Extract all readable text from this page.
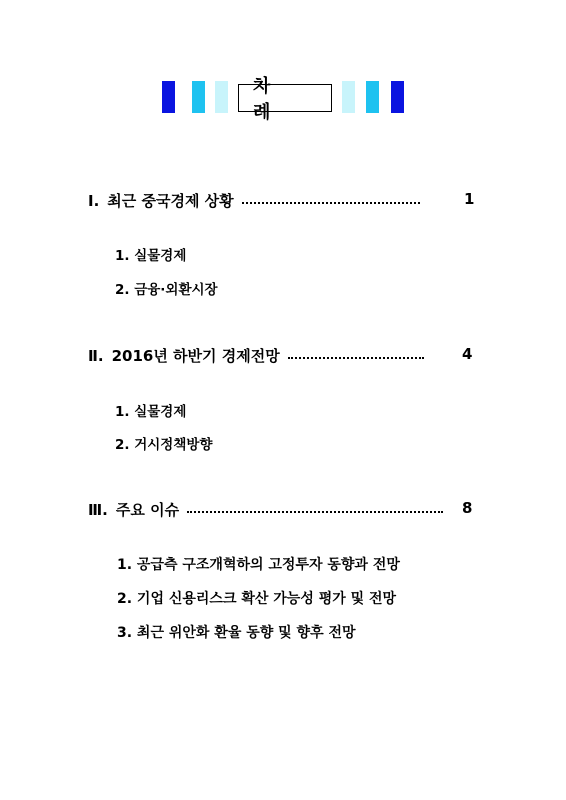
차 례
Ⅰ. 최근 중국경제 상황	1
1. 실물경제
2. 금융·외환시장
Ⅱ. 2016년 하반기 경제전망	4
1. 실물경제
2. 거시정책방향
Ⅲ. 주요 이슈	8
1. 공급측 구조개혁하의 고정투자 동향과 전망
2. 기업 신용리스크 확산 가능성 평가 및 전망
3. 최근 위안화 환율 동향 및 향후 전망
